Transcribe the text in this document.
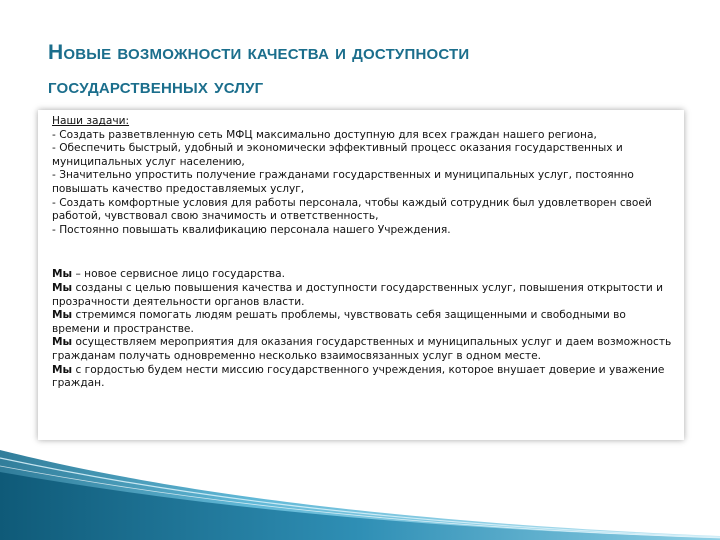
Новые возможности качества и доступности
государственных услуг

Наши задачи:

- Создать разветвленную сеть МФЦ максимально доступную для всех граждан нашего региона,

- Обеспечить быстрый, удобный и экономически эффективный процесс оказания государственных и муниципальных услуг населению,

- Значительно упростить получение гражданами государственных и муниципальных услуг, постоянно повышать качество предоставляемых услуг,

- Создать комфортные условия для работы персонала, чтобы каждый сотрудник был удовлетворен своей работой, чувствовал свою значимость и ответственность,

- Постоянно повышать квалификацию персонала нашего Учреждения.

Мы – новое сервисное лицо государства.

Мы созданы с целью повышения качества и доступности государственных услуг, повышения открытости и прозрачности деятельности органов власти.

Мы стремимся помогать людям решать проблемы, чувствовать себя защищенными и свободными во времени и пространстве.

Мы осуществляем мероприятия для оказания государственных и муниципальных услуг и даем возможность гражданам получать одновременно несколько взаимосвязанных услуг в одном месте.

Мы с гордостью будем нести миссию государственного учреждения, которое внушает доверие и уважение граждан.
